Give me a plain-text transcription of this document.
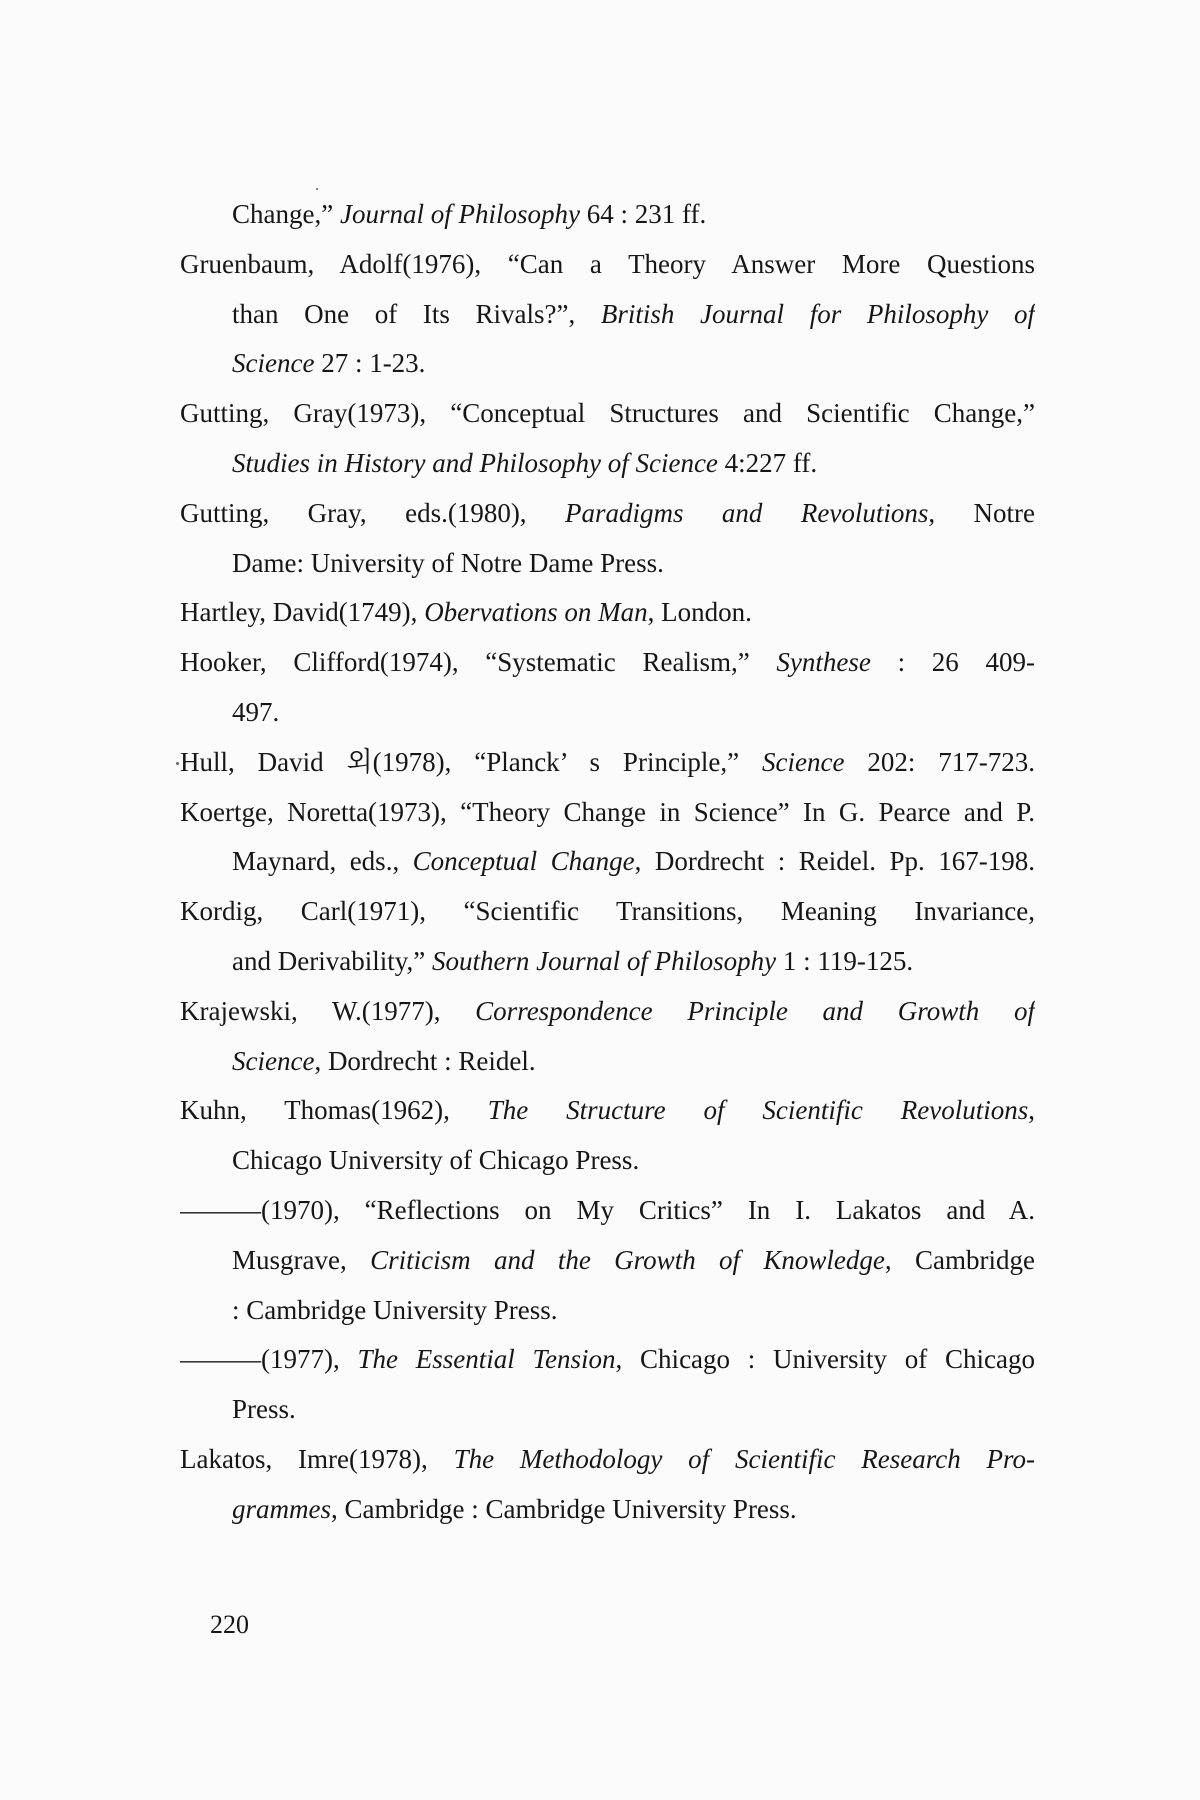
Change,” Journal of Philosophy 64 : 231 ff.
Gruenbaum, Adolf(1976), “Can a Theory Answer More Questions
than One of Its Rivals?”, British Journal for Philosophy of
Science 27 : 1-23.
Gutting, Gray(1973), “Conceptual Structures and Scientific Change,”
Studies in History and Philosophy of Science 4:227 ff.
Gutting, Gray, eds.(1980), Paradigms and Revolutions, Notre
Dame: University of Notre Dame Press.
Hartley, David(1749), Obervations on Man, London.
Hooker, Clifford(1974), “Systematic Realism,” Synthese : 26 409-
497.
Hull, David 외(1978), “Planck’ s Principle,” Science 202: 717-723.
Koertge, Noretta(1973), “Theory Change in Science” In G. Pearce and P.
Maynard, eds., Conceptual Change, Dordrecht : Reidel. Pp. 167-198.
Kordig, Carl(1971), “Scientific Transitions, Meaning Invariance,
and Derivability,” Southern Journal of Philosophy 1 : 119-125.
Krajewski, W.(1977), Correspondence Principle and Growth of
Science, Dordrecht : Reidel.
Kuhn, Thomas(1962), The Structure of Scientific Revolutions,
Chicago University of Chicago Press.
———(1970), “Reflections on My Critics” In I. Lakatos and A.
Musgrave, Criticism and the Growth of Knowledge, Cambridge
: Cambridge University Press.
———(1977), The Essential Tension, Chicago : University of Chicago
Press.
Lakatos, Imre(1978), The Methodology of Scientific Research Pro-
grammes, Cambridge : Cambridge University Press.
220
